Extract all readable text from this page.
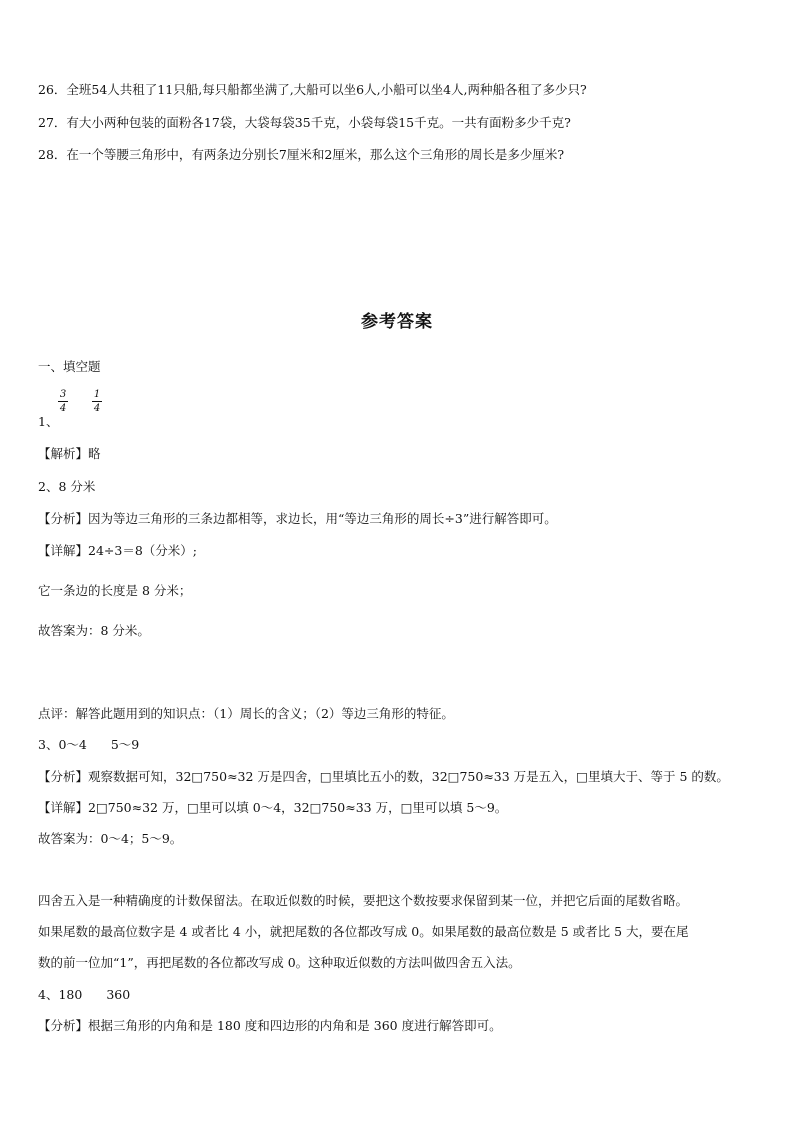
26．全班54人共租了11只船,每只船都坐满了,大船可以坐6人,小船可以坐4人,两种船各租了多少只?
27．有大小两种包装的面粉各17袋，大袋每袋35千克，小袋每袋15千克。一共有面粉多少千克?
28．在一个等腰三角形中，有两条边分别长7厘米和2厘米，那么这个三角形的周长是多少厘米?
参考答案
一、填空题
3
4
1
4
1、
【解析】略
2、8 分米
【分析】因为等边三角形的三条边都相等，求边长，用“等边三角形的周长÷3”进行解答即可。
【详解】24÷3＝8（分米）;
它一条边的长度是 8 分米；
故答案为：8 分米。
点评：解答此题用到的知识点：（1）周长的含义；（2）等边三角形的特征。
3、0～4 5～9
【分析】观察数据可知，32□750≈32 万是四舍，□里填比五小的数，32□750≈33 万是五入，□里填大于、等于 5 的数。
【详解】2□750≈32 万，□里可以填 0～4，32□750≈33 万，□里可以填 5～9。
故答案为：0～4；5～9。
四舍五入是一种精确度的计数保留法。在取近似数的时候，要把这个数按要求保留到某一位，并把它后面的尾数省略。
如果尾数的最高位数字是 4 或者比 4 小，就把尾数的各位都改写成 0。如果尾数的最高位数是 5 或者比 5 大，要在尾
数的前一位加“1”，再把尾数的各位都改写成 0。这种取近似数的方法叫做四舍五入法。
4、180 360
【分析】根据三角形的内角和是 180 度和四边形的内角和是 360 度进行解答即可。
